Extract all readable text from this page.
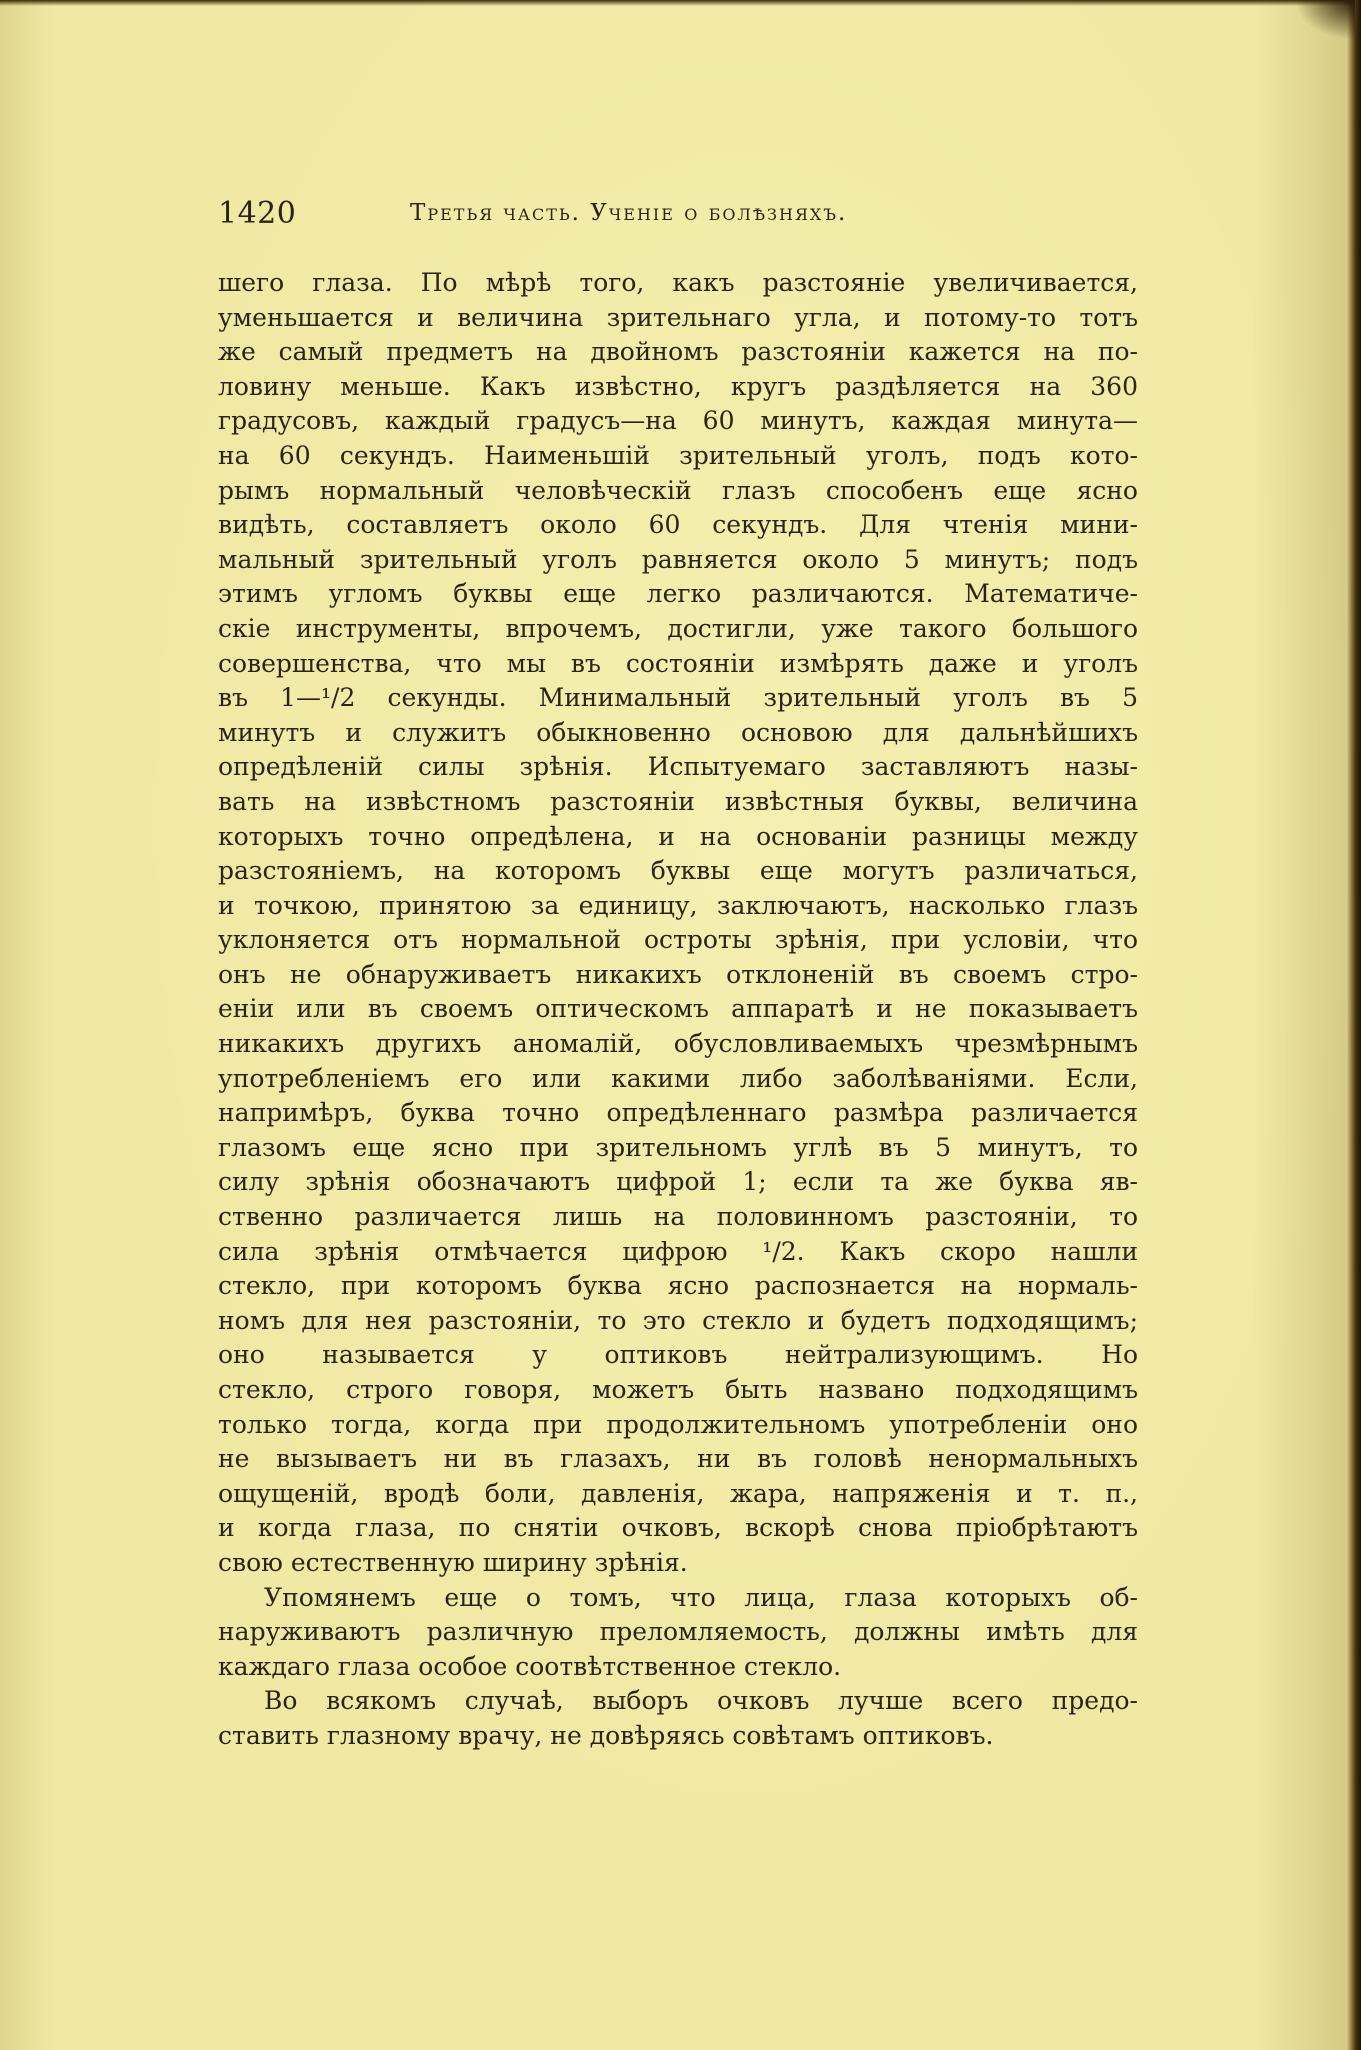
1420	Третья часть. Ученіе о болѣзняхъ.
шего глаза. По мѣрѣ того, какъ разстояніе увеличивается,
уменьшается и величина зрительнаго угла, и потому-то тотъ
же самый предметъ на двойномъ разстояніи кажется на по-
ловину меньше. Какъ извѣстно, кругъ раздѣляется на 360
градусовъ, каждый градусъ—на 60 минутъ, каждая минута—
на 60 секундъ. Наименьшій зрительный уголъ, подъ кото-
рымъ нормальный человѣческій глазъ способенъ еще ясно
видѣть, составляетъ около 60 секундъ. Для чтенія мини-
мальный зрительный уголъ равняется около 5 минутъ; подъ
этимъ угломъ буквы еще легко различаются. Математиче-
скіе инструменты, впрочемъ, достигли, уже такого большого
совершенства, что мы въ состояніи измѣрять даже и уголъ
въ 1—¹/2 секунды. Минимальный зрительный уголъ въ 5
минутъ и служитъ обыкновенно основою для дальнѣйшихъ
опредѣленій силы зрѣнія. Испытуемаго заставляютъ назы-
вать на извѣстномъ разстояніи извѣстныя буквы, величина
которыхъ точно опредѣлена, и на основаніи разницы между
разстояніемъ, на которомъ буквы еще могутъ различаться,
и точкою, принятою за единицу, заключаютъ, насколько глазъ
уклоняется отъ нормальной остроты зрѣнія, при условіи, что
онъ не обнаруживаетъ никакихъ отклоненій въ своемъ стро-
еніи или въ своемъ оптическомъ аппаратѣ и не показываетъ
никакихъ другихъ аномалій, обусловливаемыхъ чрезмѣрнымъ
употребленіемъ его или какими либо заболѣваніями. Если,
напримѣръ, буква точно опредѣленнаго размѣра различается
глазомъ еще ясно при зрительномъ углѣ въ 5 минутъ, то
силу зрѣнія обозначаютъ цифрой 1; если та же буква яв-
ственно различается лишь на половинномъ разстояніи, то
сила зрѣнія отмѣчается цифрою ¹/2. Какъ скоро нашли
стекло, при которомъ буква ясно распознается на нормаль-
номъ для нея разстояніи, то это стекло и будетъ подходящимъ;
оно называется у оптиковъ нейтрализующимъ. Но
стекло, строго говоря, можетъ быть названо подходящимъ
только тогда, когда при продолжительномъ употребленіи оно
не вызываетъ ни въ глазахъ, ни въ головѣ ненормальныхъ
ощущеній, вродѣ боли, давленія, жара, напряженія и т. п.,
и когда глаза, по снятіи очковъ, вскорѣ снова пріобрѣтаютъ
свою естественную ширину зрѣнія.
Упомянемъ еще о томъ, что лица, глаза которыхъ об-
наруживаютъ различную преломляемость, должны имѣть для
каждаго глаза особое соотвѣтственное стекло.
Во всякомъ случаѣ, выборъ очковъ лучше всего предо-
ставить глазному врачу, не довѣряясь совѣтамъ оптиковъ.
